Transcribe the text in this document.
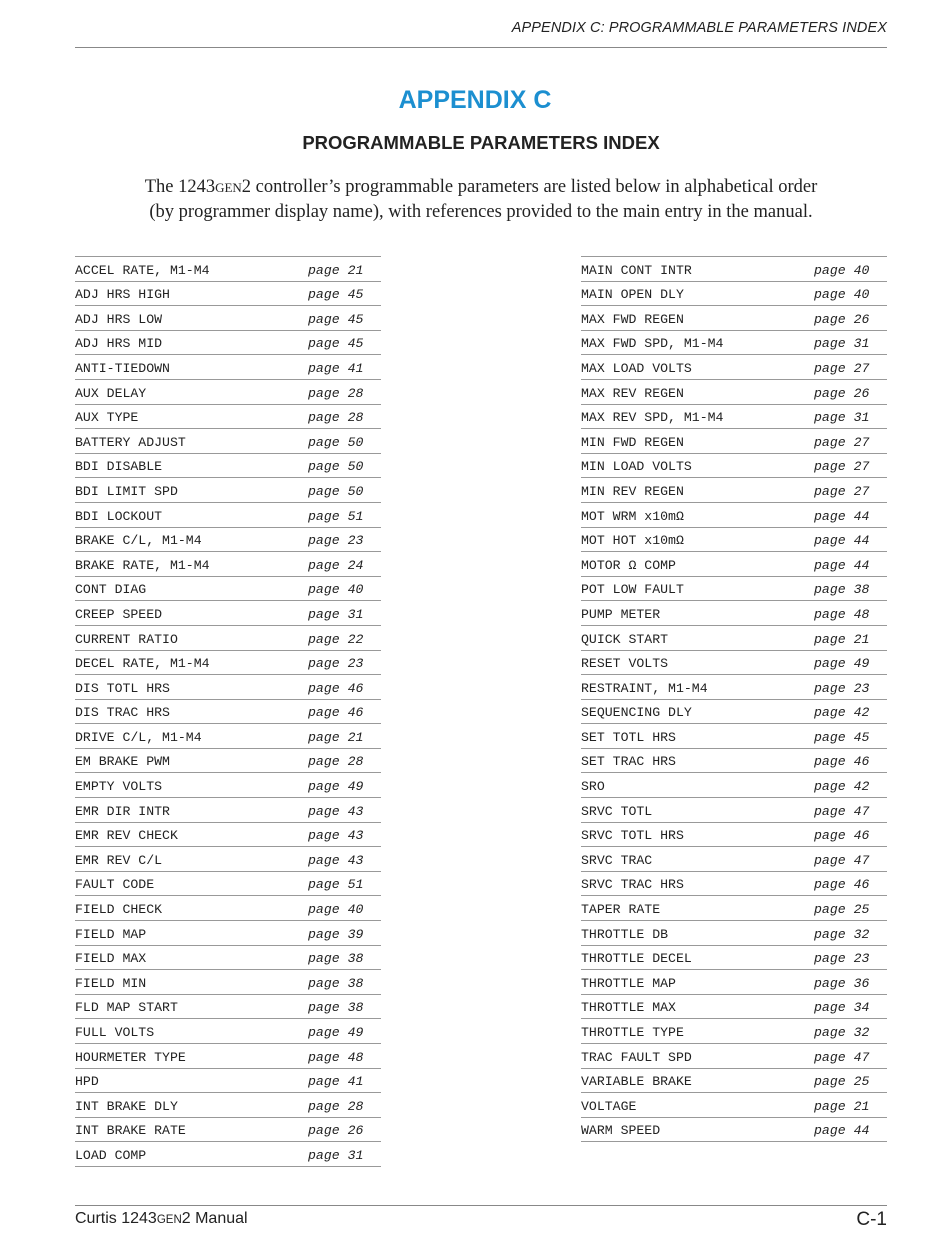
APPENDIX C: PROGRAMMABLE PARAMETERS INDEX
APPENDIX C
PROGRAMMABLE PARAMETERS INDEX
The 1243GEN2 controller’s programmable parameters are listed below in alphabetical order
(by programmer display name), with references provided to the main entry in the manual.
ACCEL RATE, M1-M4	page 21
ADJ HRS HIGH	page 45
ADJ HRS LOW	page 45
ADJ HRS MID	page 45
ANTI-TIEDOWN	page 41
AUX DELAY	page 28
AUX TYPE	page 28
BATTERY ADJUST	page 50
BDI DISABLE	page 50
BDI LIMIT SPD	page 50
BDI LOCKOUT	page 51
BRAKE C/L, M1-M4	page 23
BRAKE RATE, M1-M4	page 24
CONT DIAG	page 40
CREEP SPEED	page 31
CURRENT RATIO	page 22
DECEL RATE, M1-M4	page 23
DIS TOTL HRS	page 46
DIS TRAC HRS	page 46
DRIVE C/L, M1-M4	page 21
EM BRAKE PWM	page 28
EMPTY VOLTS	page 49
EMR DIR INTR	page 43
EMR REV CHECK	page 43
EMR REV C/L	page 43
FAULT CODE	page 51
FIELD CHECK	page 40
FIELD MAP	page 39
FIELD MAX	page 38
FIELD MIN	page 38
FLD MAP START	page 38
FULL VOLTS	page 49
HOURMETER TYPE	page 48
HPD	page 41
INT BRAKE DLY	page 28
INT BRAKE RATE	page 26
LOAD COMP	page 31
MAIN CONT INTR	page 40
MAIN OPEN DLY	page 40
MAX FWD REGEN	page 26
MAX FWD SPD, M1-M4	page 31
MAX LOAD VOLTS	page 27
MAX REV REGEN	page 26
MAX REV SPD, M1-M4	page 31
MIN FWD REGEN	page 27
MIN LOAD VOLTS	page 27
MIN REV REGEN	page 27
MOT WRM x10mΩ	page 44
MOT HOT x10mΩ	page 44
MOTOR Ω COMP	page 44
POT LOW FAULT	page 38
PUMP METER	page 48
QUICK START	page 21
RESET VOLTS	page 49
RESTRAINT, M1-M4	page 23
SEQUENCING DLY	page 42
SET TOTL HRS	page 45
SET TRAC HRS	page 46
SRO	page 42
SRVC TOTL	page 47
SRVC TOTL HRS	page 46
SRVC TRAC	page 47
SRVC TRAC HRS	page 46
TAPER RATE	page 25
THROTTLE DB	page 32
THROTTLE DECEL	page 23
THROTTLE MAP	page 36
THROTTLE MAX	page 34
THROTTLE TYPE	page 32
TRAC FAULT SPD	page 47
VARIABLE BRAKE	page 25
VOLTAGE	page 21
WARM SPEED	page 44
Curtis 1243GEN2 Manual	C-1
